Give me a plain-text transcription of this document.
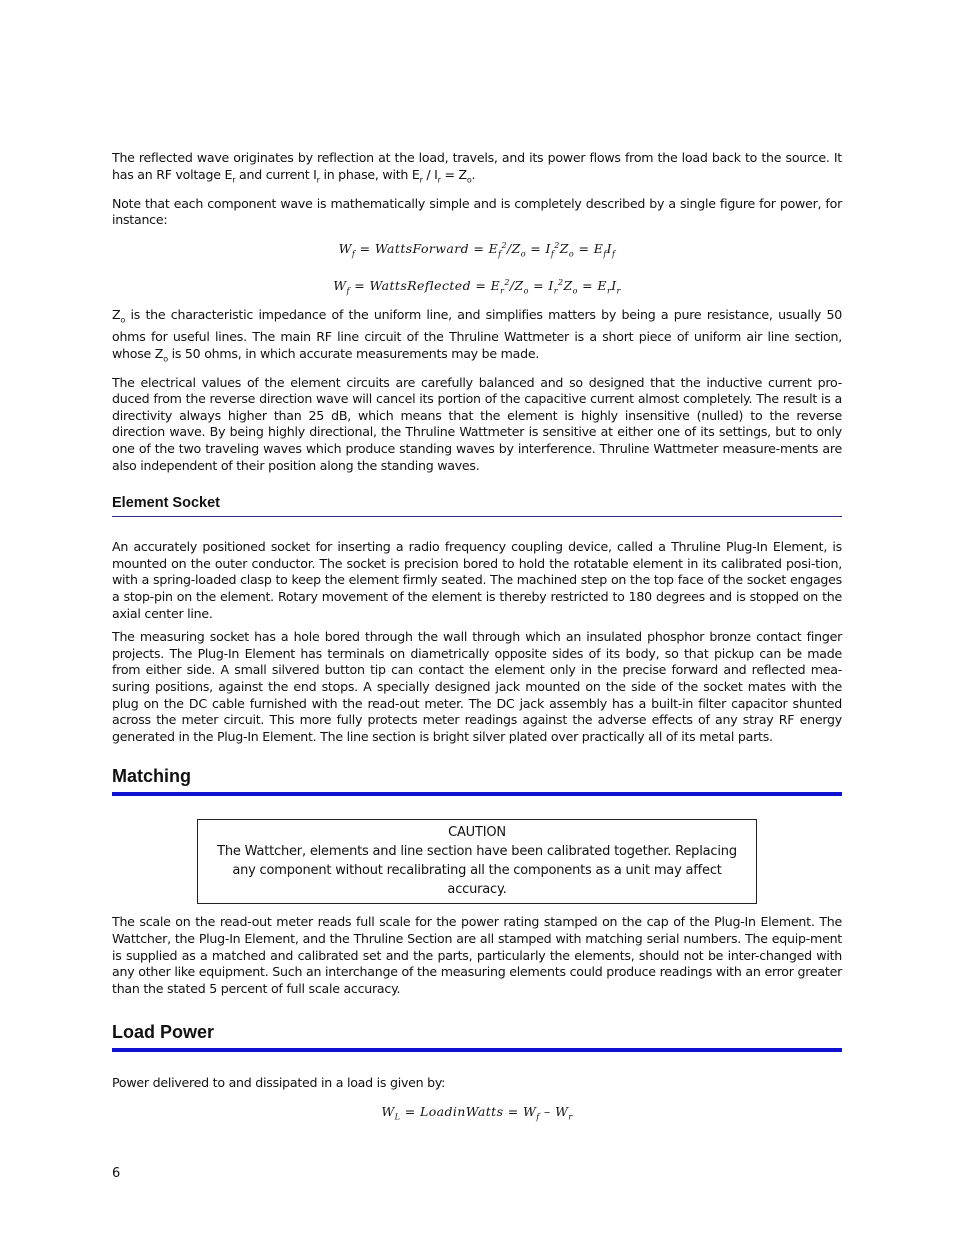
The reflected wave originates by reflection at the load, travels, and its power flows from the load back to the source. It has an RF voltage $E_r$ and current $I_r$ in phase, with $E_r / I_r = Z_o$.

Note that each component wave is mathematically simple and is completely described by a single figure for power, for instance:

$W_f$ = WattsForward = $E_f^2/Z_o = I_f^2Z_o = E_fI_f$
$W_f$ = WattsReflected = $E_r^2/Z_o = I_r^2Z_o = E_rI_r$

$Z_o$ is the characteristic impedance of the uniform line, and simplifies matters by being a pure resistance, usually 50 ohms for useful lines. The main RF line circuit of the Thruline Wattmeter is a short piece of uniform air line section, whose $Z_o$ is 50 ohms, in which accurate measurements may be made.

The electrical values of the element circuits are carefully balanced and so designed that the inductive current pro-duced from the reverse direction wave will cancel its portion of the capacitive current almost completely. The result is a directivity always higher than 25 dB, which means that the element is highly insensitive (nulled) to the reverse direction wave. By being highly directional, the Thruline Wattmeter is sensitive at either one of its settings, but to only one of the two traveling waves which produce standing waves by interference. Thruline Wattmeter measure-ments are also independent of their position along the standing waves.

Element Socket

An accurately positioned socket for inserting a radio frequency coupling device, called a Thruline Plug-In Element, is mounted on the outer conductor. The socket is precision bored to hold the rotatable element in its calibrated posi-tion, with a spring-loaded clasp to keep the element firmly seated. The machined step on the top face of the socket engages a stop-pin on the element. Rotary movement of the element is thereby restricted to 180 degrees and is stopped on the axial center line.

The measuring socket has a hole bored through the wall through which an insulated phosphor bronze contact finger projects. The Plug-In Element has terminals on diametrically opposite sides of its body, so that pickup can be made from either side. A small silvered button tip can contact the element only in the precise forward and reflected mea-suring positions, against the end stops. A specially designed jack mounted on the side of the socket mates with the plug on the DC cable furnished with the read-out meter. The DC jack assembly has a built-in filter capacitor shunted across the meter circuit. This more fully protects meter readings against the adverse effects of any stray RF energy generated in the Plug-In Element. The line section is bright silver plated over practically all of its metal parts.

Matching
CAUTION
The Wattcher, elements and line section have been calibrated together. Replacing any component without recalibrating all the components as a unit may affect accuracy.

The scale on the read-out meter reads full scale for the power rating stamped on the cap of the Plug-In Element. The Wattcher, the Plug-In Element, and the Thruline Section are all stamped with matching serial numbers. The equip-ment is supplied as a matched and calibrated set and the parts, particularly the elements, should not be inter-changed with any other like equipment. Such an interchange of the measuring elements could produce readings with an error greater than the stated 5 percent of full scale accuracy.

Load Power

Power delivered to and dissipated in a load is given by:

$W_L$ = LoadinWatts = $W_f - W_r$
6
